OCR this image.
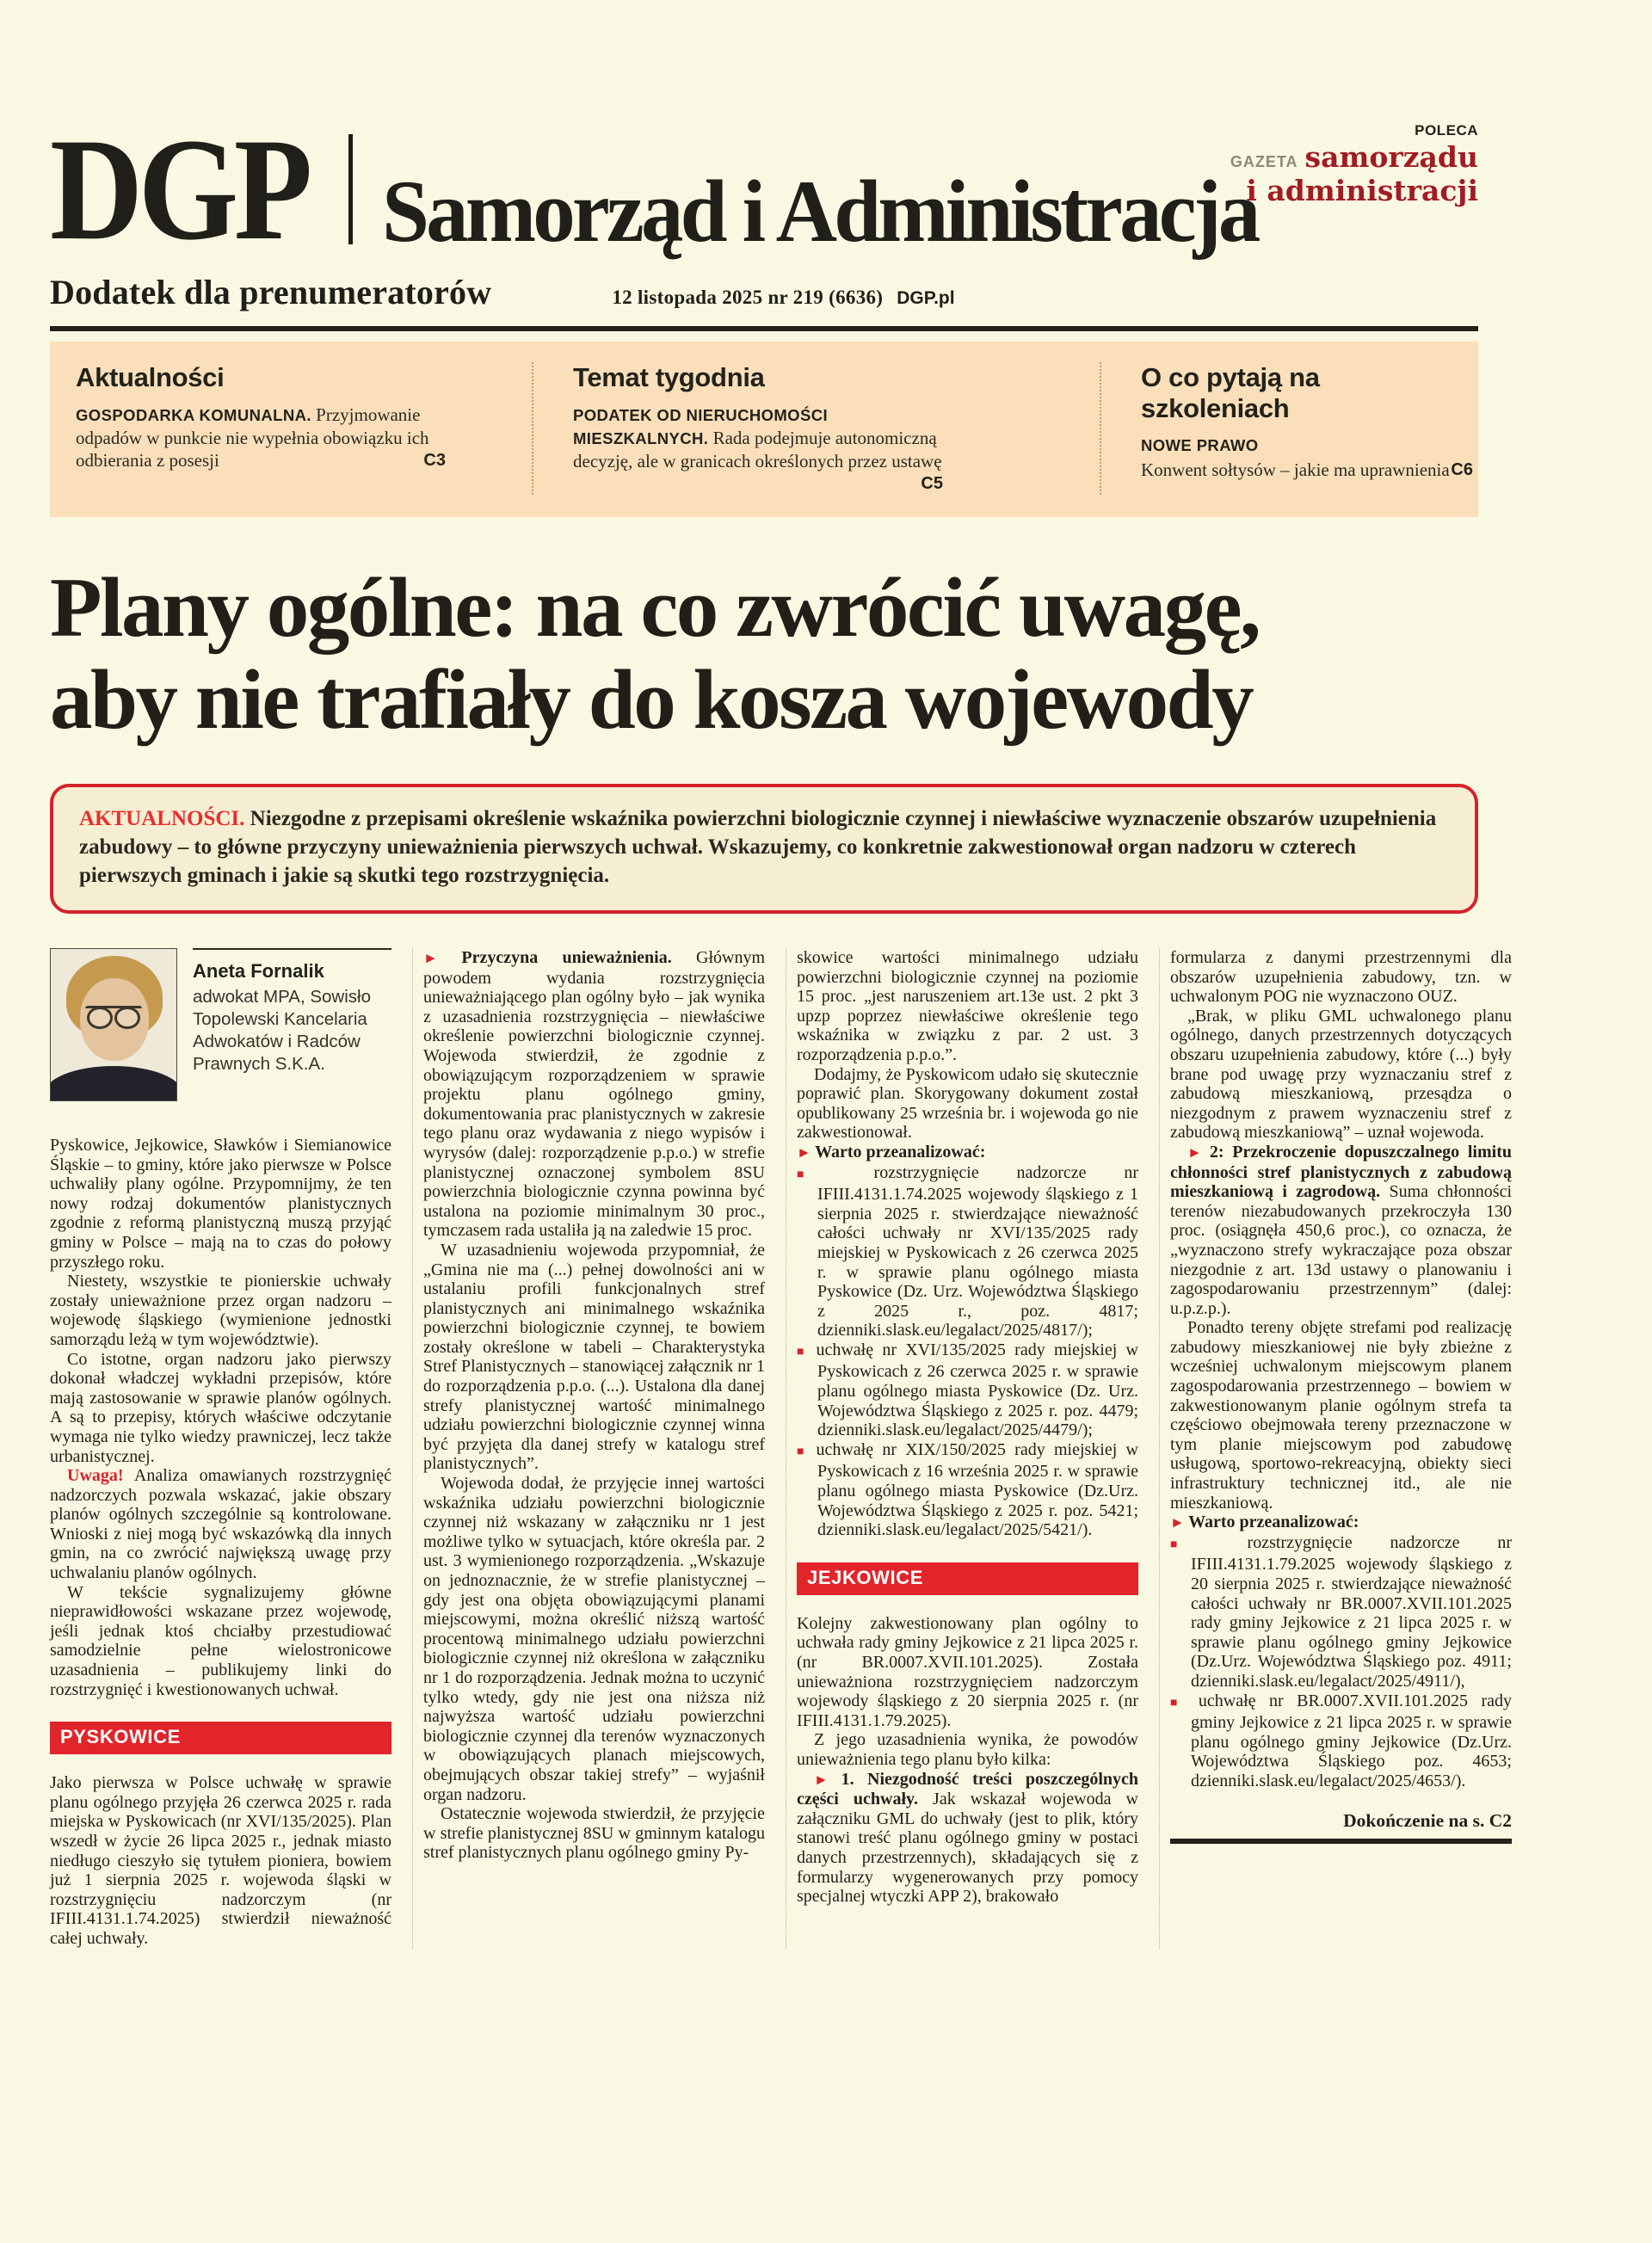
DGP Samorząd i Administracja
POLECA
GAZETA samorządu
i administracji
Dodatek dla prenumeratorów	12 listopada 2025 nr 219 (6636) DGP.pl
Aktualności

GOSPODARKA KOMUNALNA. Przyjmowanie odpadów w punkcie nie wypełnia obowiązku ich odbierania z posesji	C3

Temat tygodnia

PODATEK OD NIERUCHOMOŚCI MIESZKALNYCH. Rada podejmuje autonomiczną decyzję, ale w granicach określonych przez ustawę
C5

O co pytają na szkoleniach

NOWE PRAWO
Konwent sołtysów – jakie ma uprawnienia C6

Plany ogólne: na co zwrócić uwagę,
aby nie trafiały do kosza wojewody

AKTUALNOŚCI. Niezgodne z przepisami określenie wskaźnika powierzchni biologicznie czynnej i niewłaściwe wyznaczenie obszarów uzupełnienia zabudowy – to główne przyczyny unieważnienia pierwszych uchwał. Wskazujemy, co konkretnie zakwestionował organ nadzoru w czterech pierwszych gminach i jakie są skutki tego rozstrzygnięcia.

Aneta Fornalik
adwokat MPA, Sowisło Topolewski Kancelaria Adwokatów i Radców Prawnych S.K.A.

Pyskowice, Jejkowice, Sławków i Siemianowice Śląskie – to gminy, które jako pierwsze w Polsce uchwaliły plany ogólne. Przypomnijmy, że ten nowy rodzaj dokumentów planistycznych zgodnie z reformą planistyczną muszą przyjąć gminy w Polsce – mają na to czas do połowy przyszłego roku.

Niestety, wszystkie te pionierskie uchwały zostały unieważnione przez organ nadzoru – wojewodę śląskiego (wymienione jednostki samorządu leżą w tym województwie).

Co istotne, organ nadzoru jako pierwszy dokonał władczej wykładni przepisów, które mają zastosowanie w sprawie planów ogólnych. A są to przepisy, których właściwe odczytanie wymaga nie tylko wiedzy prawniczej, lecz także urbanistycznej.

Uwaga! Analiza omawianych rozstrzygnięć nadzorczych pozwala wskazać, jakie obszary planów ogólnych szczególnie są kontrolowane. Wnioski z niej mogą być wskazówką dla innych gmin, na co zwrócić największą uwagę przy uchwalaniu planów ogólnych.

W tekście sygnalizujemy główne nieprawidłowości wskazane przez wojewodę, jeśli jednak ktoś chciałby przestudiować samodzielnie pełne wielostronicowe uzasadnienia – publikujemy linki do rozstrzygnięć i kwestionowanych uchwał.

PYSKOWICE

Jako pierwsza w Polsce uchwałę w sprawie planu ogólnego przyjęła 26 czerwca 2025 r. rada miejska w Pyskowicach (nr XVI/135/2025). Plan wszedł w życie 26 lipca 2025 r., jednak miasto niedługo cieszyło się tytułem pioniera, bowiem już 1 sierpnia 2025 r. wojewoda śląski w rozstrzygnięciu nadzorczym (nr IFIII.4131.1.74.2025) stwierdził nieważność całej uchwały.

► Przyczyna unieważnienia. Głównym powodem wydania rozstrzygnięcia unieważniającego plan ogólny było – jak wynika z uzasadnienia rozstrzygnięcia – niewłaściwe określenie powierzchni biologicznie czynnej. Wojewoda stwierdził, że zgodnie z obowiązującym rozporządzeniem w sprawie projektu planu ogólnego gminy, dokumentowania prac planistycznych w zakresie tego planu oraz wydawania z niego wypisów i wyrysów (dalej: rozporządzenie p.p.o.) w strefie planistycznej oznaczonej symbolem 8SU powierzchnia biologicznie czynna powinna być ustalona na poziomie minimalnym 30 proc., tymczasem rada ustaliła ją na zaledwie 15 proc.

W uzasadnieniu wojewoda przypomniał, że „Gmina nie ma (...) pełnej dowolności ani w ustalaniu profili funkcjonalnych stref planistycznych ani minimalnego wskaźnika powierzchni biologicznie czynnej, te bowiem zostały określone w tabeli – Charakterystyka Stref Planistycznych – stanowiącej załącznik nr 1 do rozporządzenia p.p.o. (...). Ustalona dla danej strefy planistycznej wartość minimalnego udziału powierzchni biologicznie czynnej winna być przyjęta dla danej strefy w katalogu stref planistycznych”.

Wojewoda dodał, że przyjęcie innej wartości wskaźnika udziału powierzchni biologicznie czynnej niż wskazany w załączniku nr 1 jest możliwe tylko w sytuacjach, które określa par. 2 ust. 3 wymienionego rozporządzenia. „Wskazuje on jednoznacznie, że w strefie planistycznej – gdy jest ona objęta obowiązującymi planami miejscowymi, można określić niższą wartość procentową minimalnego udziału powierzchni biologicznie czynnej niż określona w załączniku nr 1 do rozporządzenia. Jednak można to uczynić tylko wtedy, gdy nie jest ona niższa niż najwyższa wartość udziału powierzchni biologicznie czynnej dla terenów wyznaczonych w obowiązujących planach miejscowych, obejmujących obszar takiej strefy” – wyjaśnił organ nadzoru.

Ostatecznie wojewoda stwierdził, że przyjęcie w strefie planistycznej 8SU w gminnym katalogu stref planistycznych planu ogólnego gminy Py-

skowice wartości minimalnego udziału powierzchni biologicznie czynnej na poziomie 15 proc. „jest naruszeniem art.13e ust. 2 pkt 3 upzp poprzez niewłaściwe określenie tego wskaźnika w związku z par. 2 ust. 3 rozporządzenia p.p.o.”.

Dodajmy, że Pyskowicom udało się skutecznie poprawić plan. Skorygowany dokument został opublikowany 25 września br. i wojewoda go nie zakwestionował.

► Warto przeanalizować:

■ rozstrzygnięcie nadzorcze nr IFIII.4131.1.74.2025 wojewody śląskiego z 1 sierpnia 2025 r. stwierdzające nieważność całości uchwały nr XVI/135/2025 rady miejskiej w Pyskowicach z 26 czerwca 2025 r. w sprawie planu ogólnego miasta Pyskowice (Dz. Urz. Województwa Śląskiego z 2025 r., poz. 4817; dzienniki.slask.eu/legalact/2025/4817/);

■ uchwałę nr XVI/135/2025 rady miejskiej w Pyskowicach z 26 czerwca 2025 r. w sprawie planu ogólnego miasta Pyskowice (Dz. Urz. Województwa Śląskiego z 2025 r. poz. 4479; dzienniki.slask.eu/legalact/2025/4479/);

■ uchwałę nr XIX/150/2025 rady miejskiej w Pyskowicach z 16 września 2025 r. w sprawie planu ogólnego miasta Pyskowice (Dz.Urz. Województwa Śląskiego z 2025 r. poz. 5421; dzienniki.slask.eu/legalact/2025/5421/).

JEJKOWICE

Kolejny zakwestionowany plan ogólny to uchwała rady gminy Jejkowice z 21 lipca 2025 r. (nr BR.0007.XVII.101.2025). Została unieważniona rozstrzygnięciem nadzorczym wojewody śląskiego z 20 sierpnia 2025 r. (nr IFIII.4131.1.79.2025).

Z jego uzasadnienia wynika, że powodów unieważnienia tego planu było kilka:

► 1. Niezgodność treści poszczególnych części uchwały. Jak wskazał wojewoda w załączniku GML do uchwały (jest to plik, który stanowi treść planu ogólnego gminy w postaci danych przestrzennych), składających się z formularzy wygenerowanych przy pomocy specjalnej wtyczki APP 2), brakowało

formularza z danymi przestrzennymi dla obszarów uzupełnienia zabudowy, tzn. w uchwalonym POG nie wyznaczono OUZ.

„Brak, w pliku GML uchwalonego planu ogólnego, danych przestrzennych dotyczących obszaru uzupełnienia zabudowy, które (...) były brane pod uwagę przy wyznaczaniu stref z zabudową mieszkaniową, przesądza o niezgodnym z prawem wyznaczeniu stref z zabudową mieszkaniową” – uznał wojewoda.

► 2: Przekroczenie dopuszczalnego limitu chłonności stref planistycznych z zabudową mieszkaniową i zagrodową. Suma chłonności terenów niezabudowanych przekroczyła 130 proc. (osiągnęła 450,6 proc.), co oznacza, że „wyznaczono strefy wykraczające poza obszar niezgodnie z art. 13d ustawy o planowaniu i zagospodarowaniu przestrzennym” (dalej: u.p.z.p.).

Ponadto tereny objęte strefami pod realizację zabudowy mieszkaniowej nie były zbieżne z wcześniej uchwalonym miejscowym planem zagospodarowania przestrzennego – bowiem w zakwestionowanym planie ogólnym strefa ta częściowo obejmowała tereny przeznaczone w tym planie miejscowym pod zabudowę usługową, sportowo-rekreacyjną, obiekty sieci infrastruktury technicznej itd., ale nie mieszkaniową.

► Warto przeanalizować:

■ rozstrzygnięcie nadzorcze nr IFIII.4131.1.79.2025 wojewody śląskiego z 20 sierpnia 2025 r. stwierdzające nieważność całości uchwały nr BR.0007.XVII.101.2025 rady gminy Jejkowice z 21 lipca 2025 r. w sprawie planu ogólnego gminy Jejkowice (Dz.Urz. Województwa Śląskiego poz. 4911; dzienniki.slask.eu/legalact/2025/4911/),

■ uchwałę nr BR.0007.XVII.101.2025 rady gminy Jejkowice z 21 lipca 2025 r. w sprawie planu ogólnego gminy Jejkowice (Dz.Urz. Województwa Śląskiego poz. 4653; dzienniki.slask.eu/legalact/2025/4653/).

Dokończenie na s. C2
